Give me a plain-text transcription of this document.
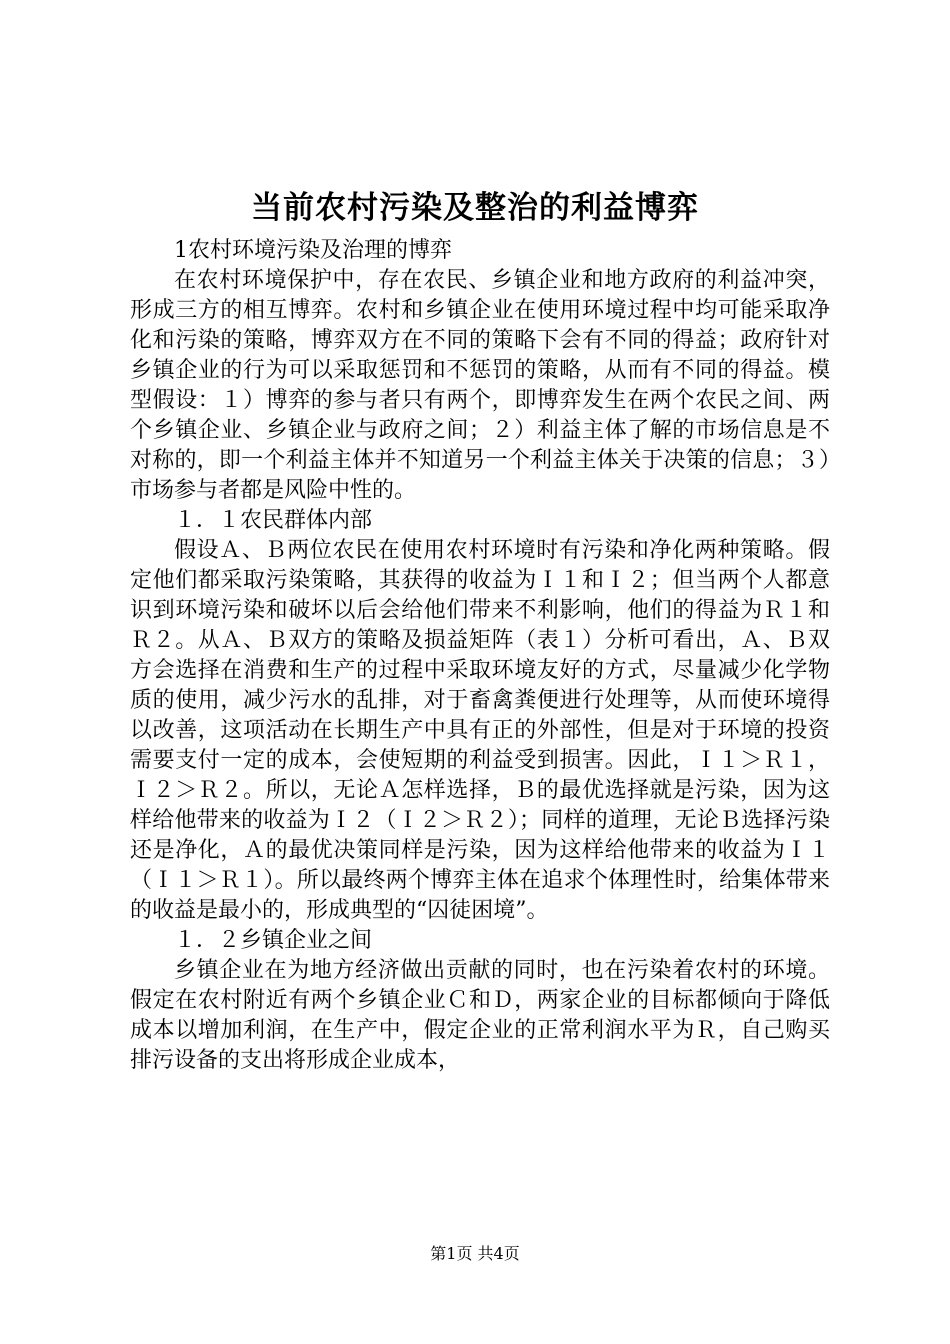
当前农村污染及整治的利益博弈

1农村环境污染及治理的博弈

在农村环境保护中，存在农民、乡镇企业和地方政府的利益冲突，形成三方的相互博弈。农村和乡镇企业在使用环境过程中均可能采取净化和污染的策略，博弈双方在不同的策略下会有不同的得益；政府针对乡镇企业的行为可以采取惩罚和不惩罚的策略，从而有不同的得益。模型假设：１）博弈的参与者只有两个，即博弈发生在两个农民之间、两个乡镇企业、乡镇企业与政府之间；２）利益主体了解的市场信息是不对称的，即一个利益主体并不知道另一个利益主体关于决策的信息；３）市场参与者都是风险中性的。

１．１农民群体内部

假设Ａ、Ｂ两位农民在使用农村环境时有污染和净化两种策略。假定他们都采取污染策略，其获得的收益为Ｉ１和Ｉ２；但当两个人都意识到环境污染和破坏以后会给他们带来不利影响，他们的得益为Ｒ１和Ｒ２。从Ａ、Ｂ双方的策略及损益矩阵（表１）分析可看出，Ａ、Ｂ双方会选择在消费和生产的过程中采取环境友好的方式，尽量减少化学物质的使用，减少污水的乱排，对于畜禽粪便进行处理等，从而使环境得以改善，这项活动在长期生产中具有正的外部性，但是对于环境的投资需要支付一定的成本，会使短期的利益受到损害。因此，Ｉ１＞Ｒ１，Ｉ２＞Ｒ２。所以，无论Ａ怎样选择，Ｂ的最优选择就是污染，因为这样给他带来的收益为Ｉ２（Ｉ２＞Ｒ２）；同样的道理，无论Ｂ选择污染还是净化，Ａ的最优决策同样是污染，因为这样给他带来的收益为Ｉ１（Ｉ１＞Ｒ１）。所以最终两个博弈主体在追求个体理性时，给集体带来的收益是最小的，形成典型的“囚徒困境”。

１．２乡镇企业之间

乡镇企业在为地方经济做出贡献的同时，也在污染着农村的环境。假定在农村附近有两个乡镇企业Ｃ和Ｄ，两家企业的目标都倾向于降低成本以增加利润，在生产中，假定企业的正常利润水平为Ｒ，自己购买排污设备的支出将形成企业成本，

第1页 共4页
